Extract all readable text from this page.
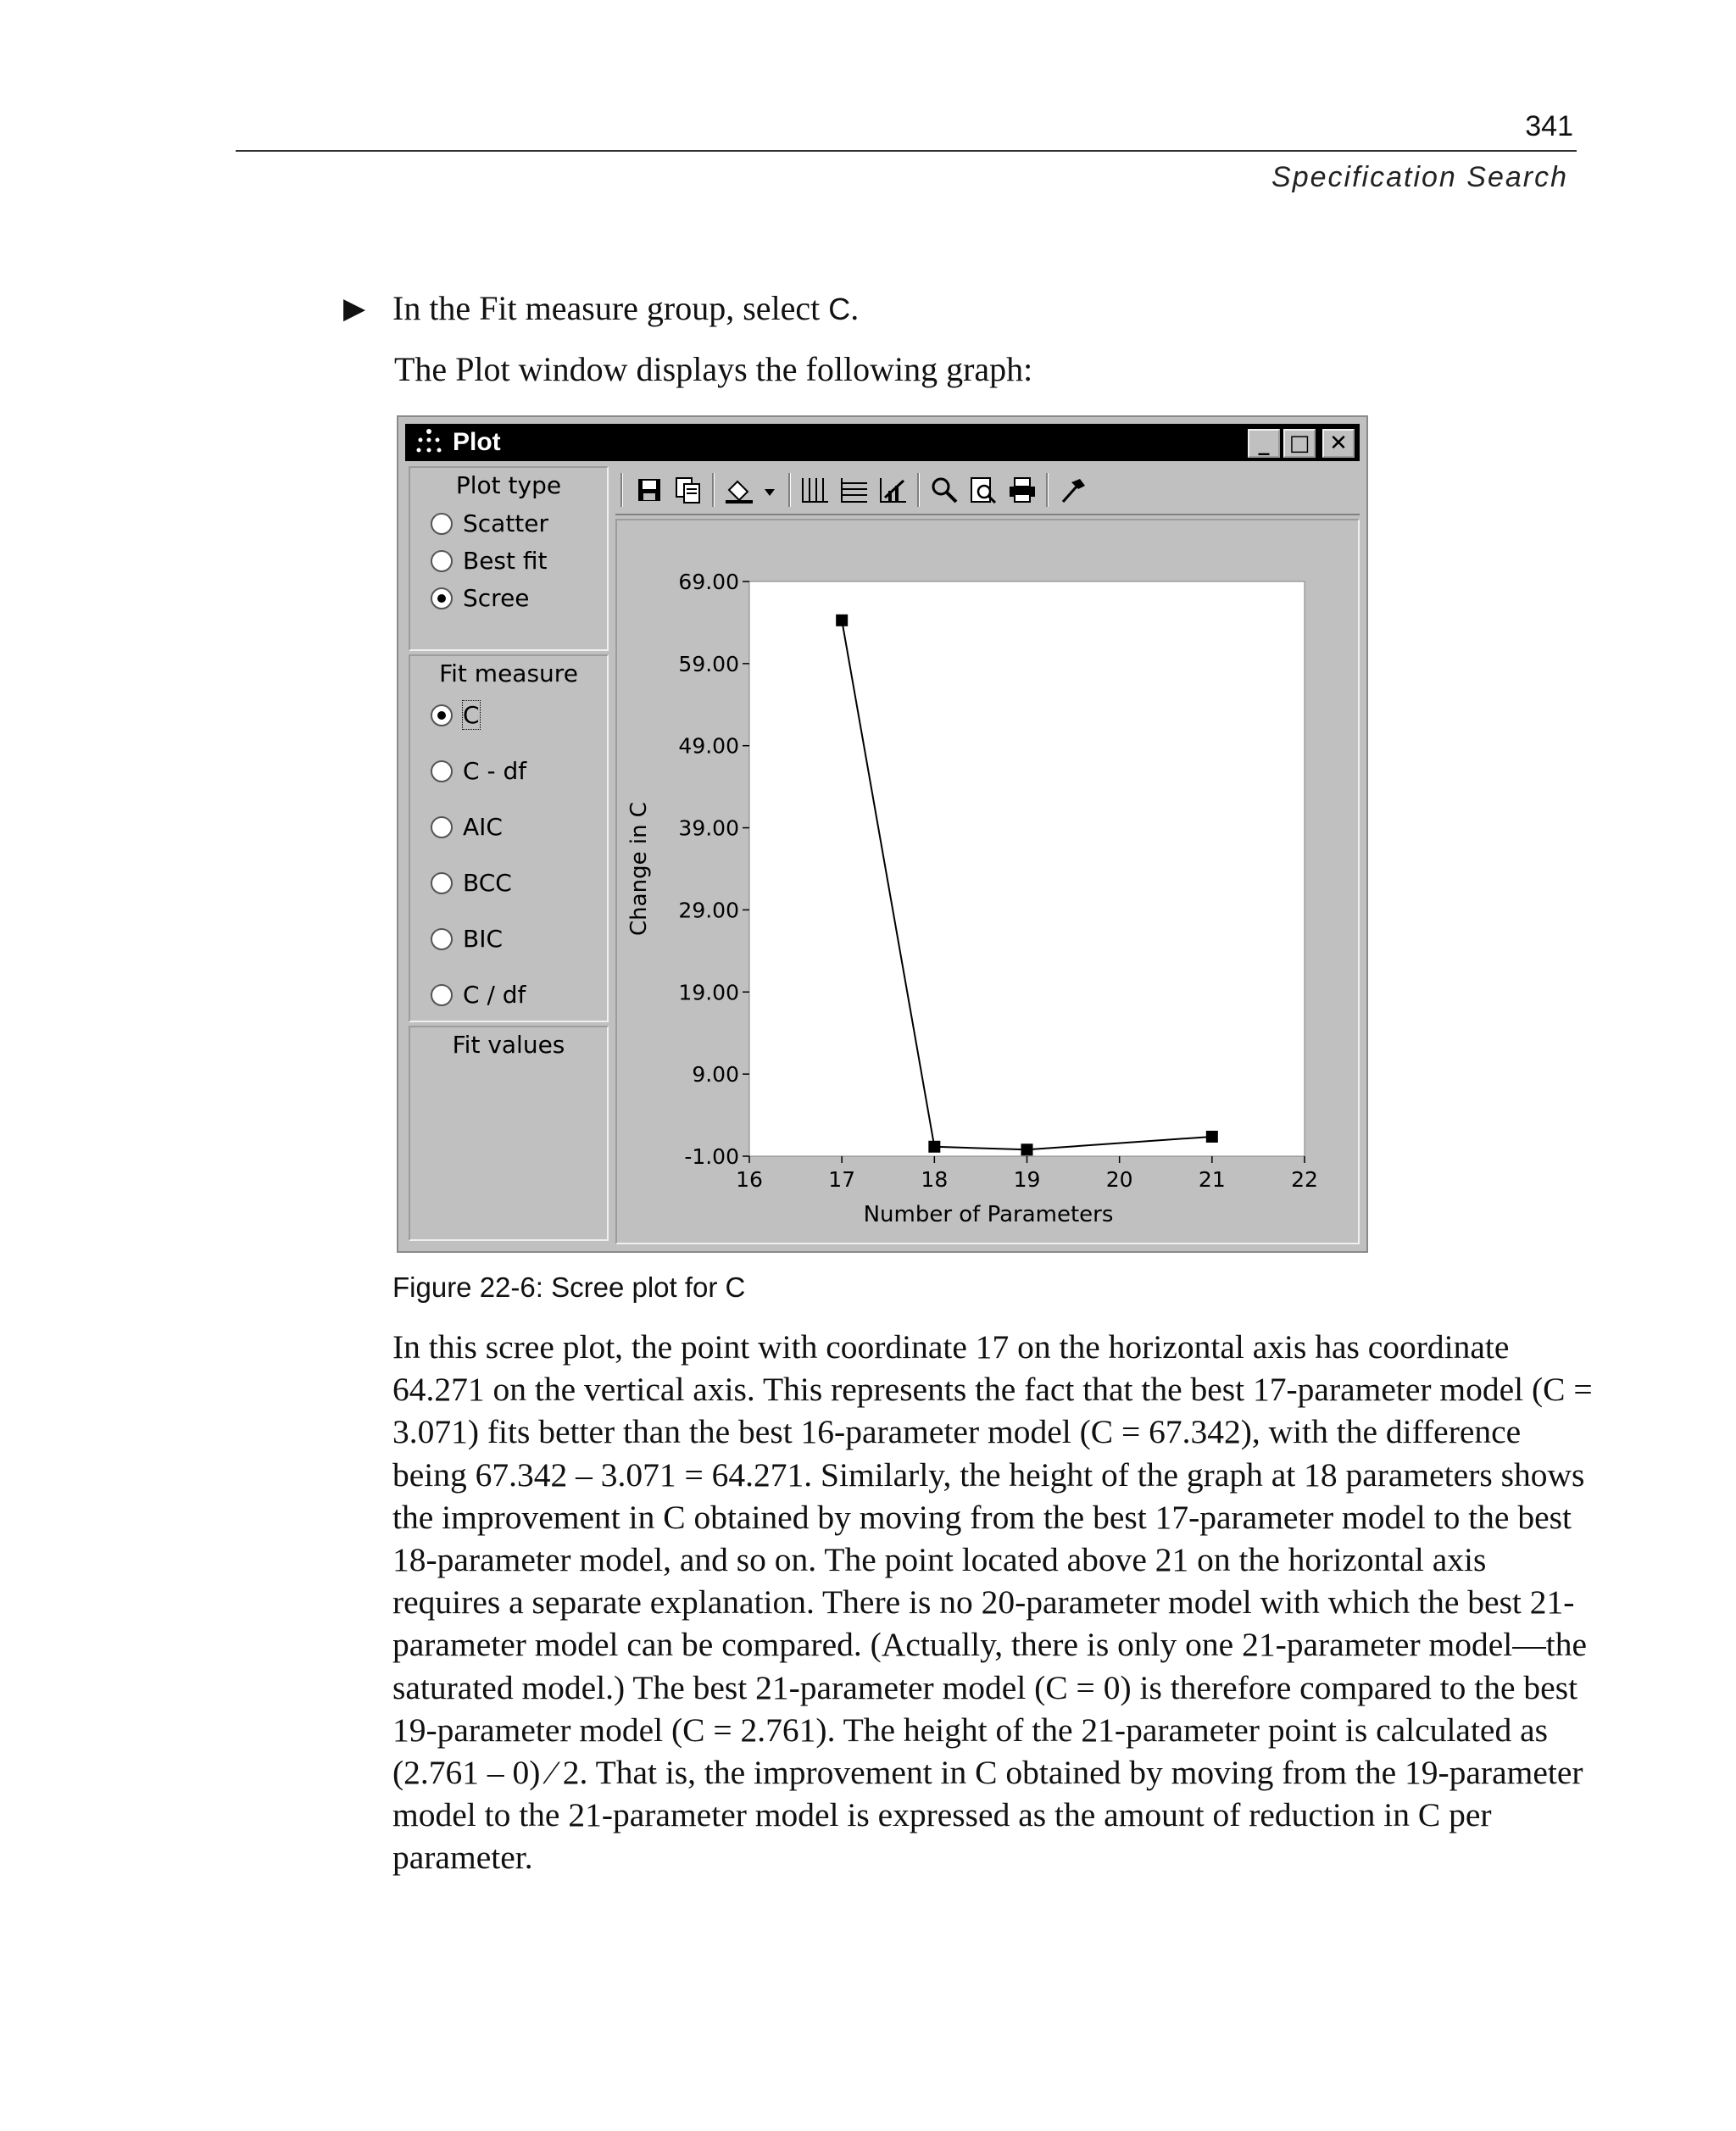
341
Specification Search
▶ In the Fit measure group, select C.
The Plot window displays the following graph:
Plot	_ □ ✕
Plot type
Scatter
Best fit
Scree
Fit measure
C
C - df
AIC
BCC
BIC
C / df
Fit values
Change in C
Number of Parameters
69.00
59.00
49.00
39.00
29.00
19.00
9.00
-1.00
16	17	18	19	20	21	22
Figure 22-6: Scree plot for C

In this scree plot, the point with coordinate 17 on the horizontal axis has coordinate 64.271 on the vertical axis. This represents the fact that the best 17-parameter model (C = 3.071) fits better than the best 16-parameter model (C = 67.342), with the difference being 67.342 – 3.071 = 64.271. Similarly, the height of the graph at 18 parameters shows the improvement in C obtained by moving from the best 17-parameter model to the best 18-parameter model, and so on. The point located above 21 on the horizontal axis requires a separate explanation. There is no 20-parameter model with which the best 21-parameter model can be compared. (Actually, there is only one 21-parameter model—the saturated model.) The best 21-parameter model (C = 0) is therefore compared to the best 19-parameter model (C = 2.761). The height of the 21-parameter point is calculated as (2.761 – 0) ⁄ 2. That is, the improvement in C obtained by moving from the 19-parameter model to the 21-parameter model is expressed as the amount of reduction in C per parameter.
